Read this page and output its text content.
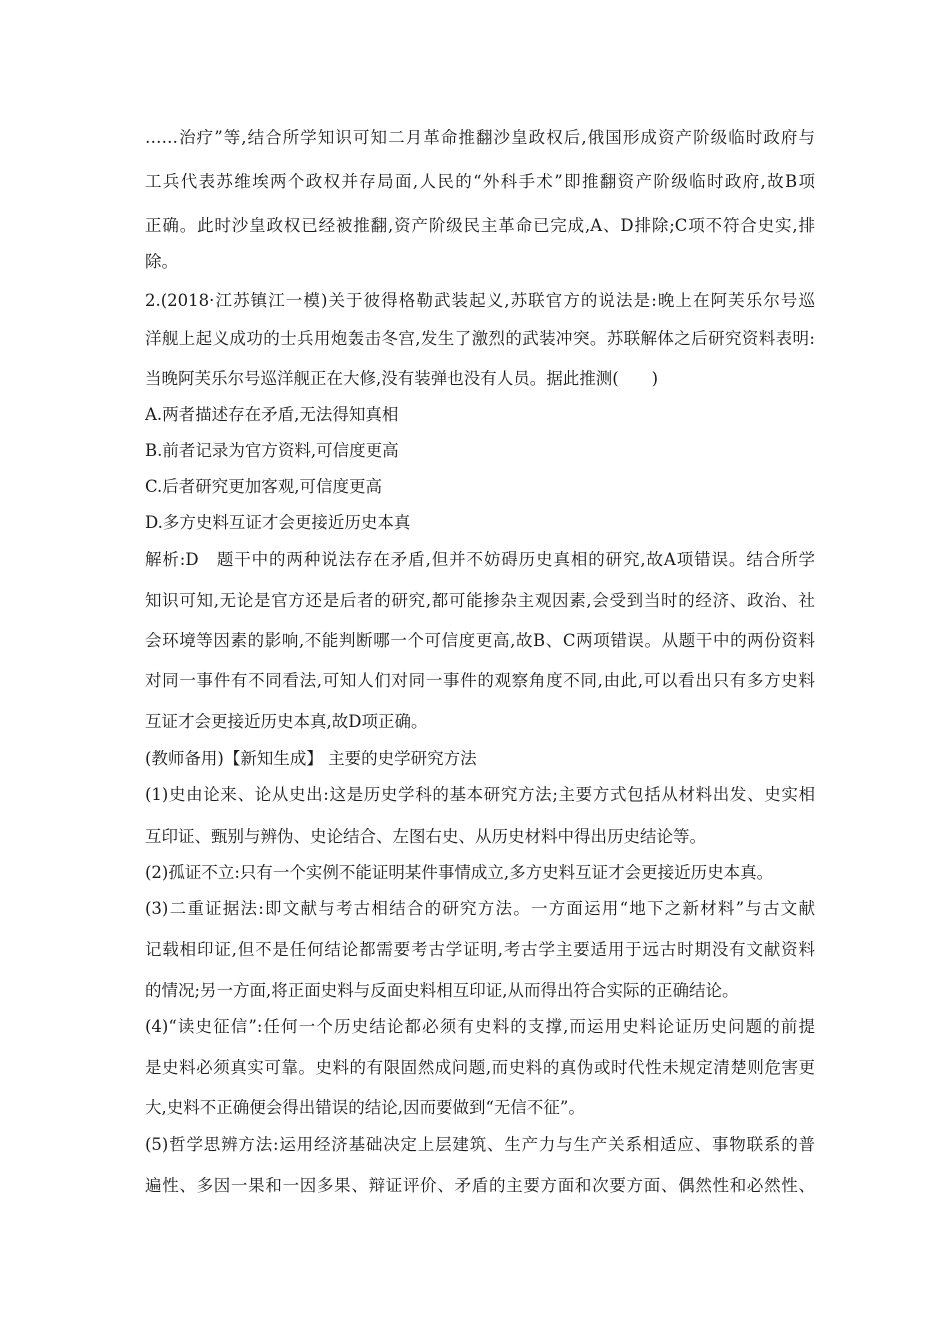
……治疗”等,结合所学知识可知二月革命推翻沙皇政权后,俄国形成资产阶级临时政府与
工兵代表苏维埃两个政权并存局面,人民的“外科手术”即推翻资产阶级临时政府,故B项
正确。此时沙皇政权已经被推翻,资产阶级民主革命已完成,A、D排除;C项不符合史实,排
除。
2.(2018·江苏镇江一模)关于彼得格勒武装起义,苏联官方的说法是:晚上在阿芙乐尔号巡
洋舰上起义成功的士兵用炮轰击冬宫,发生了激烈的武装冲突。苏联解体之后研究资料表明:
当晚阿芙乐尔号巡洋舰正在大修,没有装弹也没有人员。据此推测(　　)
A.两者描述存在矛盾,无法得知真相
B.前者记录为官方资料,可信度更高
C.后者研究更加客观,可信度更高
D.多方史料互证才会更接近历史本真
解析:D　题干中的两种说法存在矛盾,但并不妨碍历史真相的研究,故A项错误。结合所学
知识可知,无论是官方还是后者的研究,都可能掺杂主观因素,会受到当时的经济、政治、社
会环境等因素的影响,不能判断哪一个可信度更高,故B、C两项错误。从题干中的两份资料
对同一事件有不同看法,可知人们对同一事件的观察角度不同,由此,可以看出只有多方史料
互证才会更接近历史本真,故D项正确。
(教师备用)【新知生成】 主要的史学研究方法
(1)史由论来、论从史出:这是历史学科的基本研究方法;主要方式包括从材料出发、史实相
互印证、甄别与辨伪、史论结合、左图右史、从历史材料中得出历史结论等。
(2)孤证不立:只有一个实例不能证明某件事情成立,多方史料互证才会更接近历史本真。
(3)二重证据法:即文献与考古相结合的研究方法。一方面运用“地下之新材料”与古文献
记载相印证,但不是任何结论都需要考古学证明,考古学主要适用于远古时期没有文献资料
的情况;另一方面,将正面史料与反面史料相互印证,从而得出符合实际的正确结论。
(4)“读史征信”:任何一个历史结论都必须有史料的支撑,而运用史料论证历史问题的前提
是史料必须真实可靠。史料的有限固然成问题,而史料的真伪或时代性未规定清楚则危害更
大,史料不正确便会得出错误的结论,因而要做到“无信不征”。
(5)哲学思辨方法:运用经济基础决定上层建筑、生产力与生产关系相适应、事物联系的普
遍性、多因一果和一因多果、辩证评价、矛盾的主要方面和次要方面、偶然性和必然性、
